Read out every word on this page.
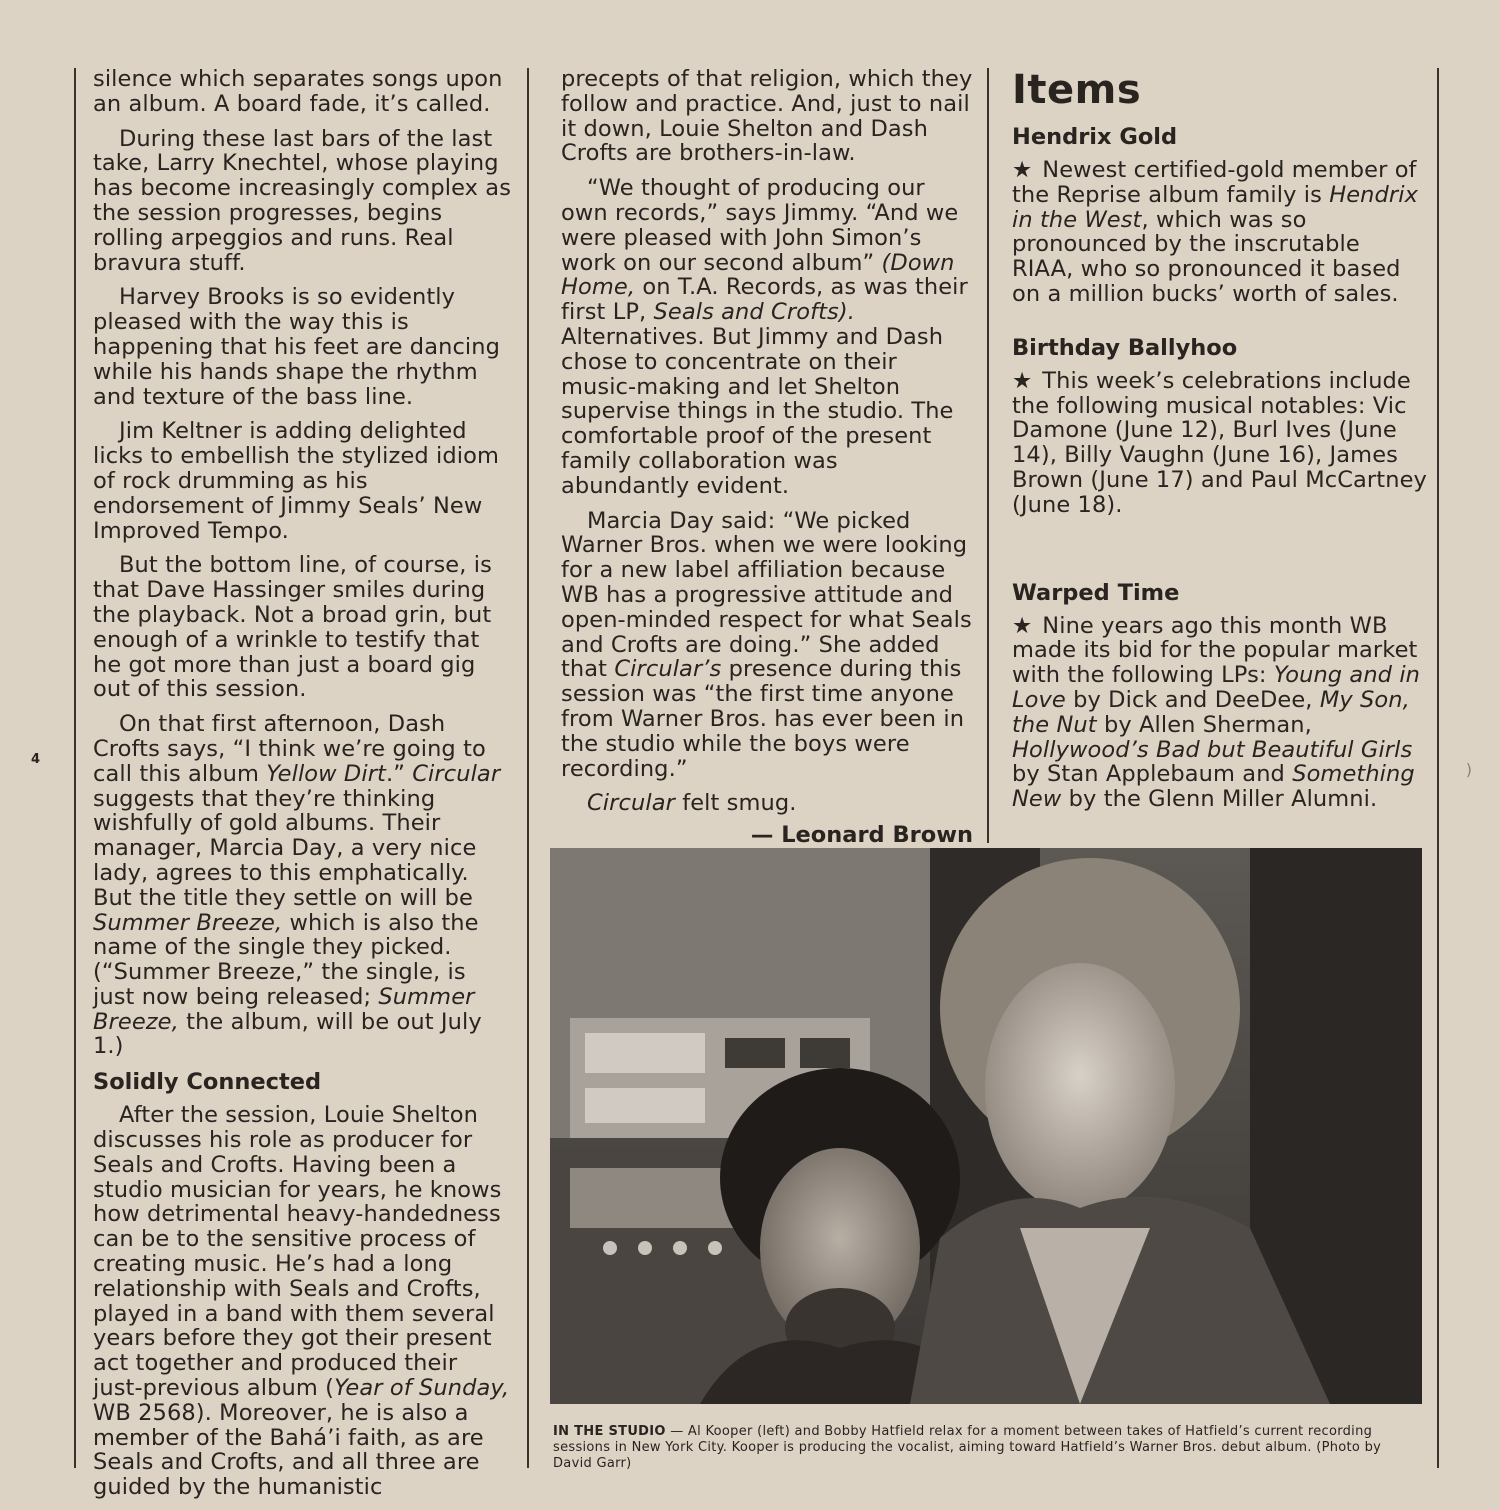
4
)

silence which separates songs upon an album. A board fade, it’s called.

During these last bars of the last take, Larry Knechtel, whose playing has become increasingly complex as the session progresses, begins rolling arpeggios and runs. Real bravura stuff.

Harvey Brooks is so evidently pleased with the way this is happening that his feet are dancing while his hands shape the rhythm and texture of the bass line.

Jim Keltner is adding delighted licks to embellish the stylized idiom of rock drumming as his endorsement of Jimmy Seals’ New Improved Tempo.

But the bottom line, of course, is that Dave Hassinger smiles during the playback. Not a broad grin, but enough of a wrinkle to testify that he got more than just a board gig out of this session.

On that first afternoon, Dash Crofts says, “I think we’re going to call this album Yellow Dirt.” Circular suggests that they’re thinking wishfully of gold albums. Their manager, Marcia Day, a very nice lady, agrees to this emphatically. But the title they settle on will be Summer Breeze, which is also the name of the single they picked. (“Summer Breeze,” the single, is just now being released; Summer Breeze, the album, will be out July 1.)

Solidly Connected

After the session, Louie Shelton discusses his role as producer for Seals and Crofts. Having been a studio musician for years, he knows how detrimental heavy-handedness can be to the sensitive process of creating music. He’s had a long relationship with Seals and Crofts, played in a band with them several years before they got their present act together and produced their just-previous album (Year of Sunday, WB 2568). Moreover, he is also a member of the Bahá’i faith, as are Seals and Crofts, and all three are guided by the humanistic

precepts of that religion, which they follow and practice. And, just to nail it down, Louie Shelton and Dash Crofts are brothers-in-law.

“We thought of producing our own records,” says Jimmy. “And we were pleased with John Simon’s work on our second album” (Down Home, on T.A. Records, as was their first LP, Seals and Crofts). Alternatives. But Jimmy and Dash chose to concentrate on their music-making and let Shelton supervise things in the studio. The comfortable proof of the present family collaboration was abundantly evident.

Marcia Day said: “We picked Warner Bros. when we were looking for a new label affiliation because WB has a progressive attitude and open-minded respect for what Seals and Crofts are doing.” She added that Circular’s presence during this session was “the first time anyone from Warner Bros. has ever been in the studio while the boys were recording.”

Circular felt smug.

— Leonard Brown
Items
Hendrix Gold

★ Newest certified-gold member of the Reprise album family is Hendrix in the West, which was so pronounced by the inscrutable RIAA, who so pronounced it based on a million bucks’ worth of sales.

Birthday Ballyhoo

★ This week’s celebrations include the following musical notables: Vic Damone (June 12), Burl Ives (June 14), Billy Vaughn (June 16), James Brown (June 17) and Paul McCartney (June 18).

Warped Time

★ Nine years ago this month WB made its bid for the popular market with the following LPs: Young and in Love by Dick and DeeDee, My Son, the Nut by Allen Sherman, Hollywood’s Bad but Beautiful Girls by Stan Applebaum and Something New by the Glenn Miller Alumni.

IN THE STUDIO — Al Kooper (left) and Bobby Hatfield relax for a moment between takes of Hatfield’s current recording sessions in New York City. Kooper is producing the vocalist, aiming toward Hatfield’s Warner Bros. debut album. (Photo by David Garr)
